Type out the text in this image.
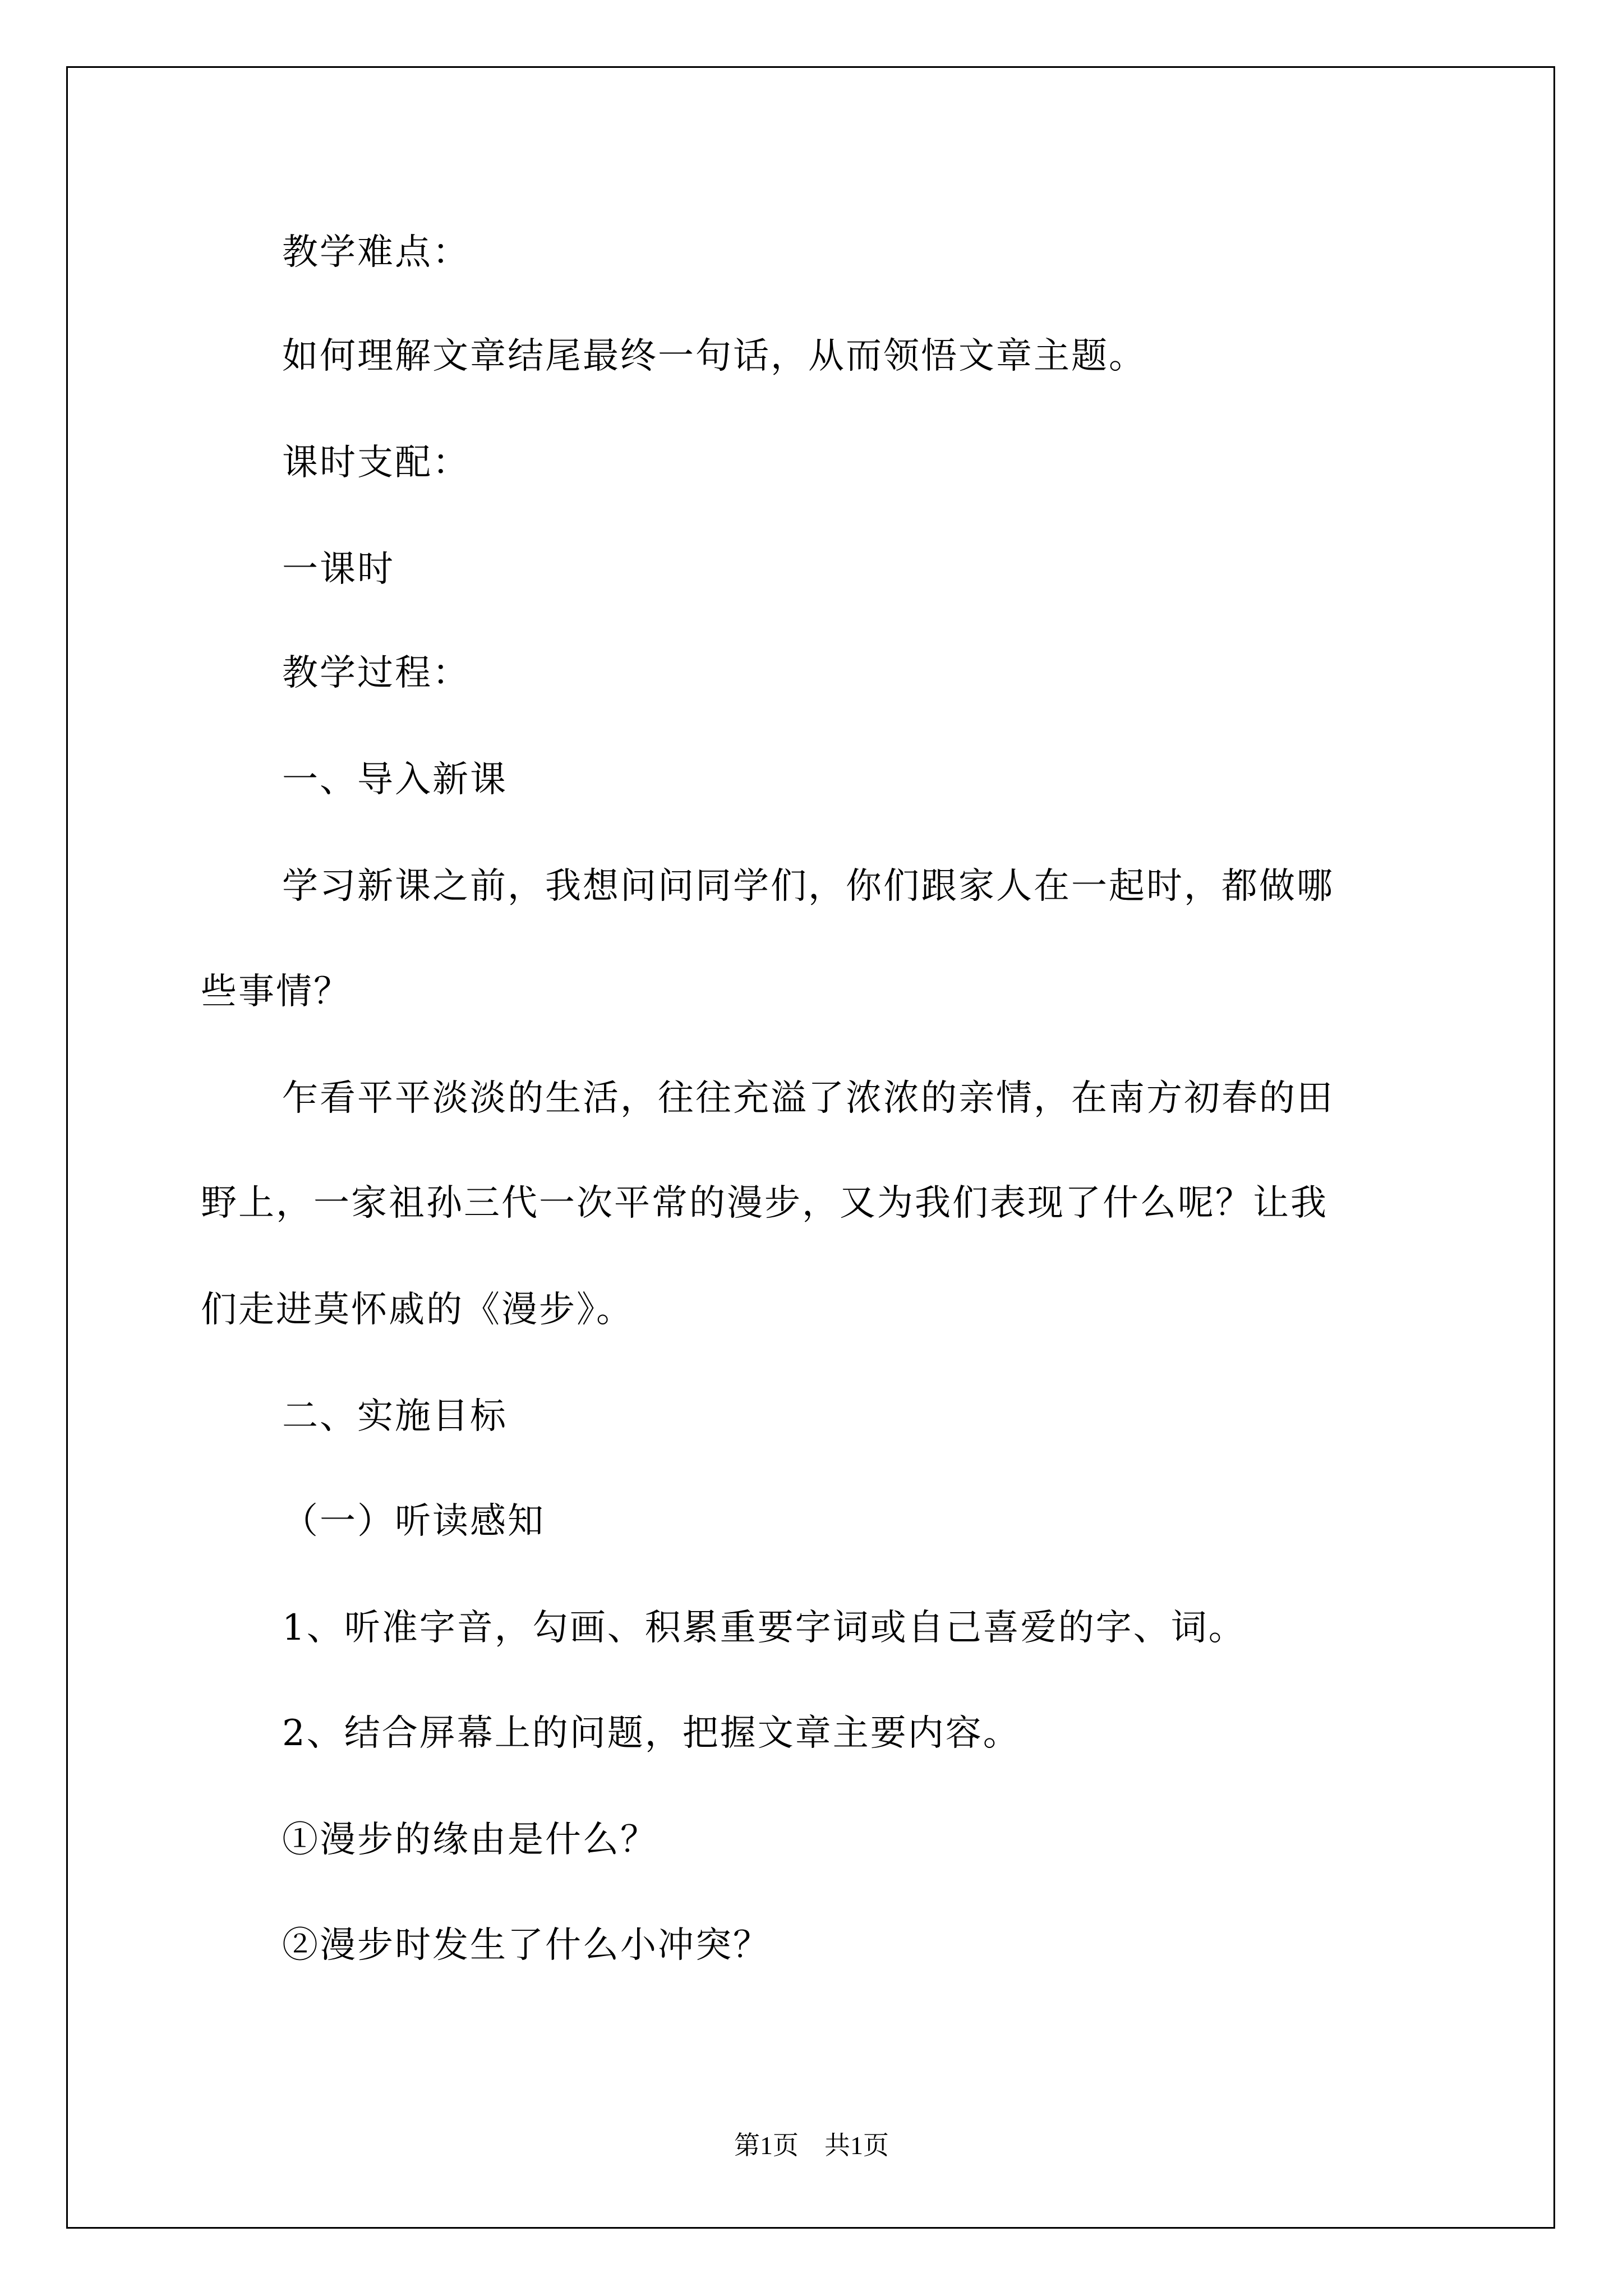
教学难点：
如何理解文章结尾最终一句话，从而领悟文章主题。
课时支配：
一课时
教学过程：
一、导入新课
学习新课之前，我想问问同学们，你们跟家人在一起时，都做哪
些事情？
乍看平平淡淡的生活，往往充溢了浓浓的亲情，在南方初春的田
野上，一家祖孙三代一次平常的漫步，又为我们表现了什么呢？让我
们走进莫怀戚的《漫步》。
二、实施目标
（一）听读感知
1、听准字音，勾画、积累重要字词或自己喜爱的字、词。
2、结合屏幕上的问题，把握文章主要内容。
①漫步的缘由是什么？
②漫步时发生了什么小冲突？
第1页　共1页
